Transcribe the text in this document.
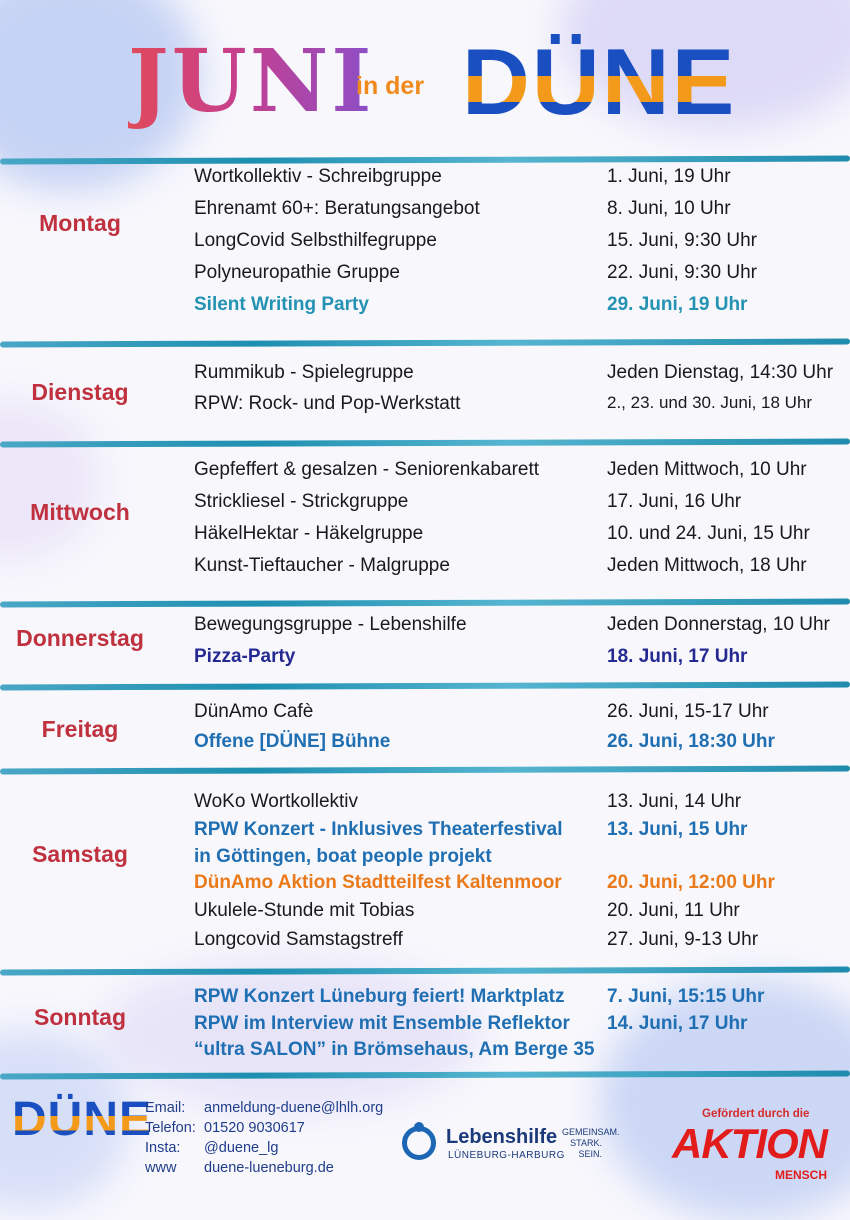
JUNI
in der DÜNE
Montag
Wortkollektiv - Schreibgruppe	1. Juni, 19 Uhr
Ehrenamt 60+: Beratungsangebot	8. Juni, 10 Uhr
LongCovid Selbsthilfegruppe	15. Juni, 9:30 Uhr
Polyneuropathie Gruppe	22. Juni, 9:30 Uhr
Silent Writing Party	29. Juni, 19 Uhr
Dienstag
Rummikub - Spielegruppe	Jeden Dienstag, 14:30 Uhr
RPW: Rock- und Pop-Werkstatt	2., 23. und 30. Juni, 18 Uhr
Mittwoch
Gepfeffert & gesalzen - Seniorenkabarett	Jeden Mittwoch, 10 Uhr
Strickliesel - Strickgruppe	17. Juni, 16 Uhr
HäkelHektar - Häkelgruppe	10. und 24. Juni, 15 Uhr
Kunst-Tieftaucher - Malgruppe	Jeden Mittwoch, 18 Uhr
Donnerstag
Bewegungsgruppe - Lebenshilfe	Jeden Donnerstag, 10 Uhr
Pizza-Party	18. Juni, 17 Uhr
Freitag
DünAmo Cafè	26. Juni, 15-17 Uhr
Offene [DÜNE] Bühne	26. Juni, 18:30 Uhr
Samstag
WoKo Wortkollektiv	13. Juni, 14 Uhr
RPW Konzert - Inklusives Theaterfestival 13. Juni, 15 Uhr
in Göttingen, boat people projekt
DünAmo Aktion Stadtteilfest Kaltenmoor 20. Juni, 12:00 Uhr
Ukulele-Stunde mit Tobias	20. Juni, 11 Uhr
Longcovid Samstagstreff	27. Juni, 9-13 Uhr
Sonntag
RPW Konzert Lüneburg feiert! Marktplatz 7. Juni, 15:15 Uhr
RPW im Interview mit Ensemble Reflektor 14. Juni, 17 Uhr
“ultra SALON” in Brömsehaus, Am Berge 35
DÜNE
Email: anmeldung-duene@lhlh.org
Telefon: 01520 9030617
Insta: @duene_lg
www duene-lueneburg.de
Lebenshilfe
LÜNEBURG-HARBURG
GEMEINSAM. STARK. SEIN.
Gefördert durch die
AKTION
MENSCH
